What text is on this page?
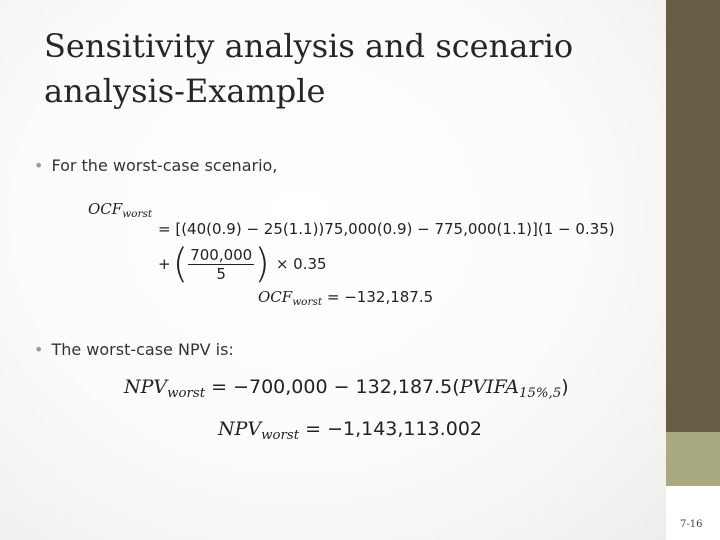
Sensitivity analysis and scenario analysis-Example
• For the worst-case scenario,
$OCF_{worst}$
= [(40(0.9) − 25(1.1))75,000(0.9) − 775,000(1.1)](1 − 0.35)
+ ( $\frac{700,000}{5}$ ) × 0.35
$OCF_{worst} = -132,187.5$
• The worst-case NPV is:
$NPV_{worst} = -700,000$ − $132,187.5(PVIFA_{15\%,5})$
$NPV_{worst} = -1,143,113.002$
7-16
